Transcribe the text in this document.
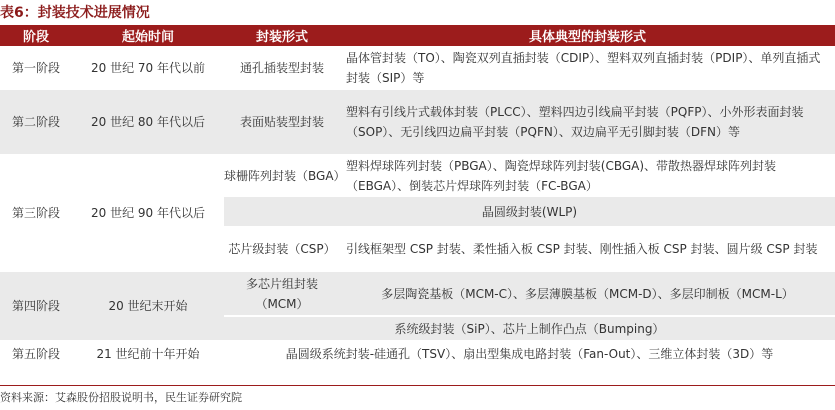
表6：封装技术进展情况
阶段	起始时间	封装形式	具体典型的封装形式
第一阶段	20 世纪 70 年代以前	通孔插装型封装	晶体管封装（TO）、陶瓷双列直插封装（CDIP）、塑料双列直插封装（PDIP）、单列直插式封装（SIP）等
第二阶段	20 世纪 80 年代以后	表面贴装型封装	塑料有引线片式载体封装（PLCC）、塑料四边引线扁平封装（PQFP）、小外形表面封装（SOP）、无引线四边扁平封装（PQFN）、双边扁平无引脚封装（DFN）等
第三阶段	20 世纪 90 年代以后	球栅阵列封装（BGA）	塑料焊球阵列封装（PBGA）、陶瓷焊球阵列封装(CBGA)、带散热器焊球阵列封装（EBGA）、倒装芯片焊球阵列封装（FC-BGA）
		晶圆级封装(WLP)	
		芯片级封装（CSP）	引线框架型 CSP 封装、柔性插入板 CSP 封装、刚性插入板 CSP 封装、圆片级 CSP 封装
第四阶段	20 世纪末开始	多芯片组封装（MCM）	多层陶瓷基板（MCM-C）、多层薄膜基板（MCM-D）、多层印制板（MCM-L）
		系统级封装（SiP）、芯片上制作凸点（Bumping）	
第五阶段	21 世纪前十年开始	晶圆级系统封装-硅通孔（TSV）、扇出型集成电路封装（Fan-Out）、三维立体封装（3D）等	
资料来源：艾森股份招股说明书，民生证券研究院
